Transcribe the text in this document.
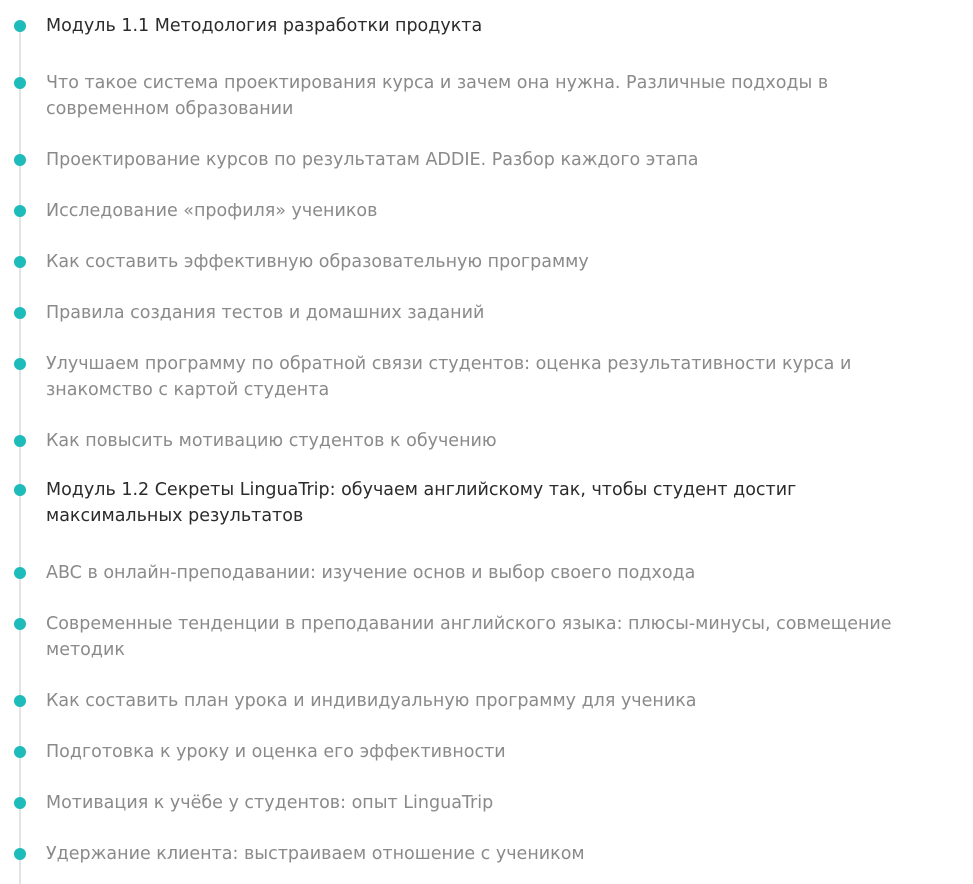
Модуль 1.1 Методология разработки продукта
Что такое система проектирования курса и зачем она нужна. Различные подходы в современном образовании
Проектирование курсов по результатам ADDIE. Разбор каждого этапа
Исследование «профиля» учеников
Как составить эффективную образовательную программу
Правила создания тестов и домашних заданий
Улучшаем программу по обратной связи студентов: оценка результативности курса и знакомство с картой студента
Как повысить мотивацию студентов к обучению
Модуль 1.2 Секреты LinguaTrip: обучаем английскому так, чтобы студент достиг максимальных результатов
ABC в онлайн-преподавании: изучение основ и выбор своего подхода
Современные тенденции в преподавании английского языка: плюсы-минусы, совмещение методик
Как составить план урока и индивидуальную программу для ученика
Подготовка к уроку и оценка его эффективности
Мотивация к учёбе у студентов: опыт LinguaTrip
Удержание клиента: выстраиваем отношение с учеником
